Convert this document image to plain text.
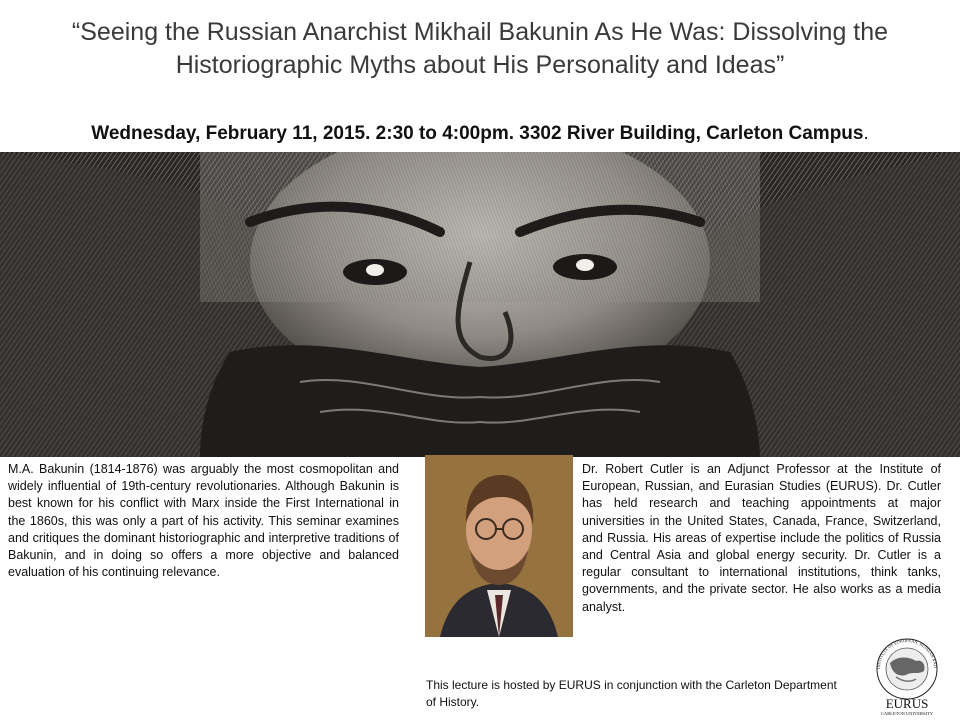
“Seeing the Russian Anarchist Mikhail Bakunin As He Was: Dissolving the
Historiographic Myths about His Personality and Ideas”
Wednesday, February 11, 2015. 2:30 to 4:00pm. 3302 River Building, Carleton Campus.
M.A. Bakunin (1814-1876) was arguably the most cosmopolitan and widely influential of 19th-century revolutionaries. Although Bakunin is best known for his conflict with Marx inside the First International in the 1860s, this was only a part of his activity. This seminar examines and critiques the dominant historiographic and interpretive traditions of Bakunin, and in doing so offers a more objective and balanced evaluation of his continuing relevance.
Dr. Robert Cutler is an Adjunct Professor at the Institute of European, Russian, and Eurasian Studies (EURUS). Dr. Cutler has held research and teaching appointments at major universities in the United States, Canada, France, Switzerland, and Russia. His areas of expertise include the politics of Russia and Central Asia and global energy security. Dr. Cutler is a regular consultant to international institutions, think tanks, governments, and the private sector. He also works as a media analyst.
This lecture is hosted by EURUS in conjunction with the Carleton Department of History.
INSTITUTE OF EUROPEAN, RUSSIAN AND
EURUS
CARLETON UNIVERSITY
